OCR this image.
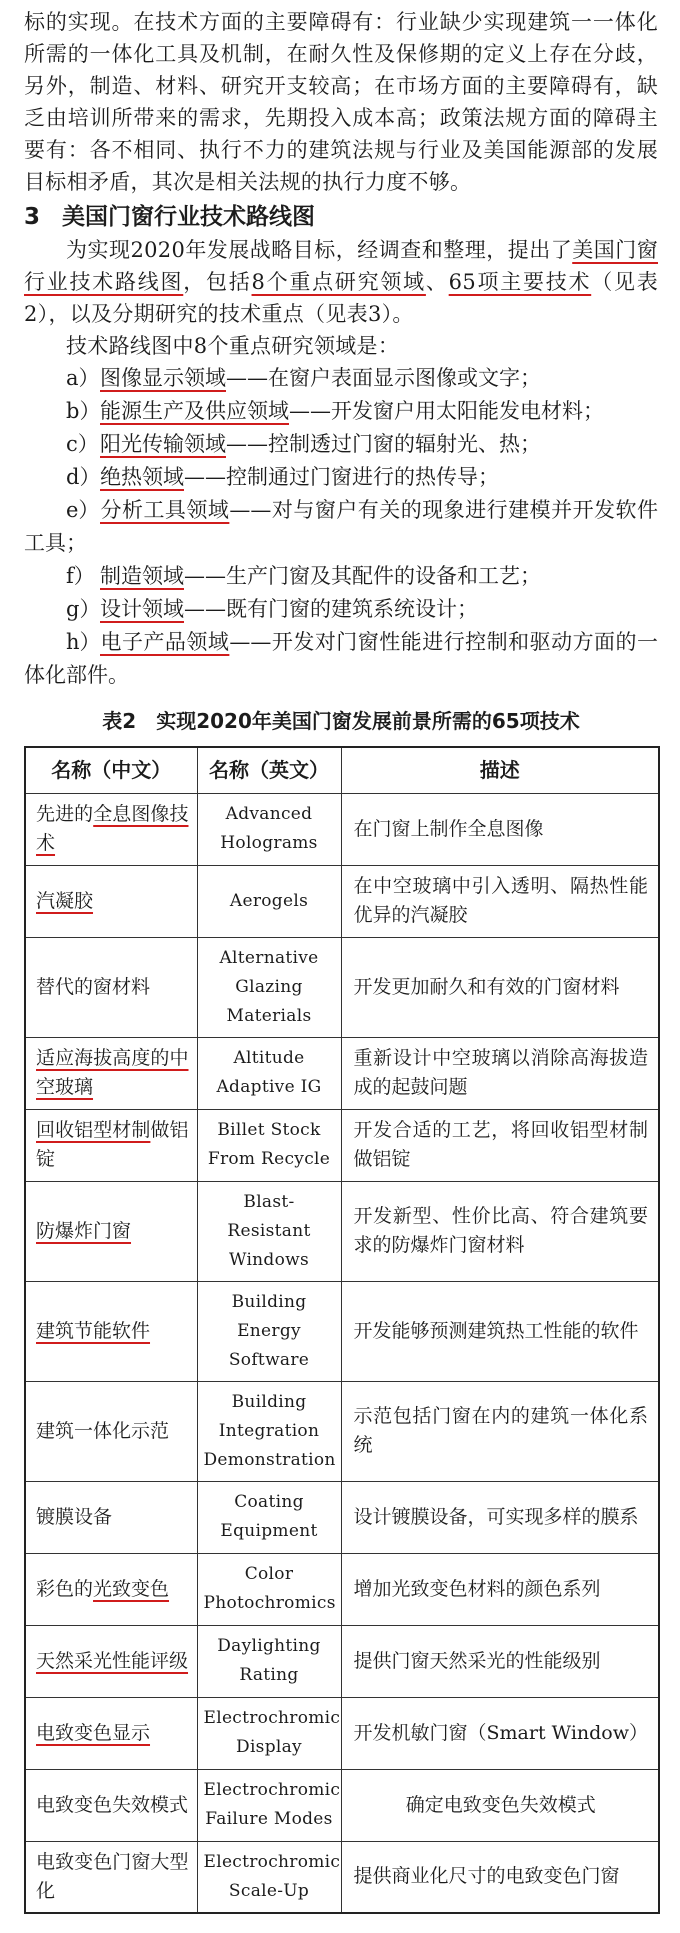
标的实现。在技术方面的主要障碍有：行业缺少实现建筑一一体化所需的一体化工具及机制，在耐久性及保修期的定义上存在分歧，另外，制造、材料、研究开支较高；在市场方面的主要障碍有，缺乏由培训所带来的需求，先期投入成本高；政策法规方面的障碍主要有：各不相同、执行不力的建筑法规与行业及美国能源部的发展目标相矛盾，其次是相关法规的执行力度不够。

3 美国门窗行业技术路线图

为实现2020年发展战略目标，经调查和整理，提出了美国门窗行业技术路线图，包括8个重点研究领域、65项主要技术（见表2），以及分期研究的技术重点（见表3）。

技术路线图中8个重点研究领域是：

a）图像显示领域——在窗户表面显示图像或文字；

b）能源生产及供应领域——开发窗户用太阳能发电材料；

c）阳光传输领域——控制透过门窗的辐射光、热；

d）绝热领域——控制通过门窗进行的热传导；

e）分析工具领域——对与窗户有关的现象进行建模并开发软件工具；

f） 制造领域——生产门窗及其配件的设备和工艺；

g）设计领域——既有门窗的建筑系统设计；

h）电子产品领域——开发对门窗性能进行控制和驱动方面的一体化部件。

表2　实现2020年美国门窗发展前景所需的65项技术
名称（中文）	名称（英文）	描述
先进的全息图像技术	Advanced
Holograms	在门窗上制作全息图像
汽凝胶	Aerogels	在中空玻璃中引入透明、隔热性能优异的汽凝胶
替代的窗材料	Alternative
Glazing
Materials	开发更加耐久和有效的门窗材料
适应海拔高度的中空玻璃	Altitude
Adaptive IG	重新设计中空玻璃以消除高海拔造成的起鼓问题
回收铝型材制做铝锭	Billet Stock
From Recycle	开发合适的工艺，将回收铝型材制做铝锭
防爆炸门窗	Blast-Resistant
Windows	开发新型、性价比高、符合建筑要求的防爆炸门窗材料
建筑节能软件	Building
Energy Software	开发能够预测建筑热工性能的软件
建筑一体化示范	Building
Integration
Demonstration	示范包括门窗在内的建筑一体化系统
镀膜设备	Coating
Equipment	设计镀膜设备，可实现多样的膜系
彩色的光致变色	Color
Photochromics	增加光致变色材料的颜色系列
天然采光性能评级	Daylighting
Rating	提供门窗天然采光的性能级别
电致变色显示	Electrochromic
Display	开发机敏门窗（Smart Window）
电致变色失效模式	Electrochromic
Failure Modes	确定电致变色失效模式
电致变色门窗大型化	Electrochromic
Scale-Up	提供商业化尺寸的电致变色门窗
